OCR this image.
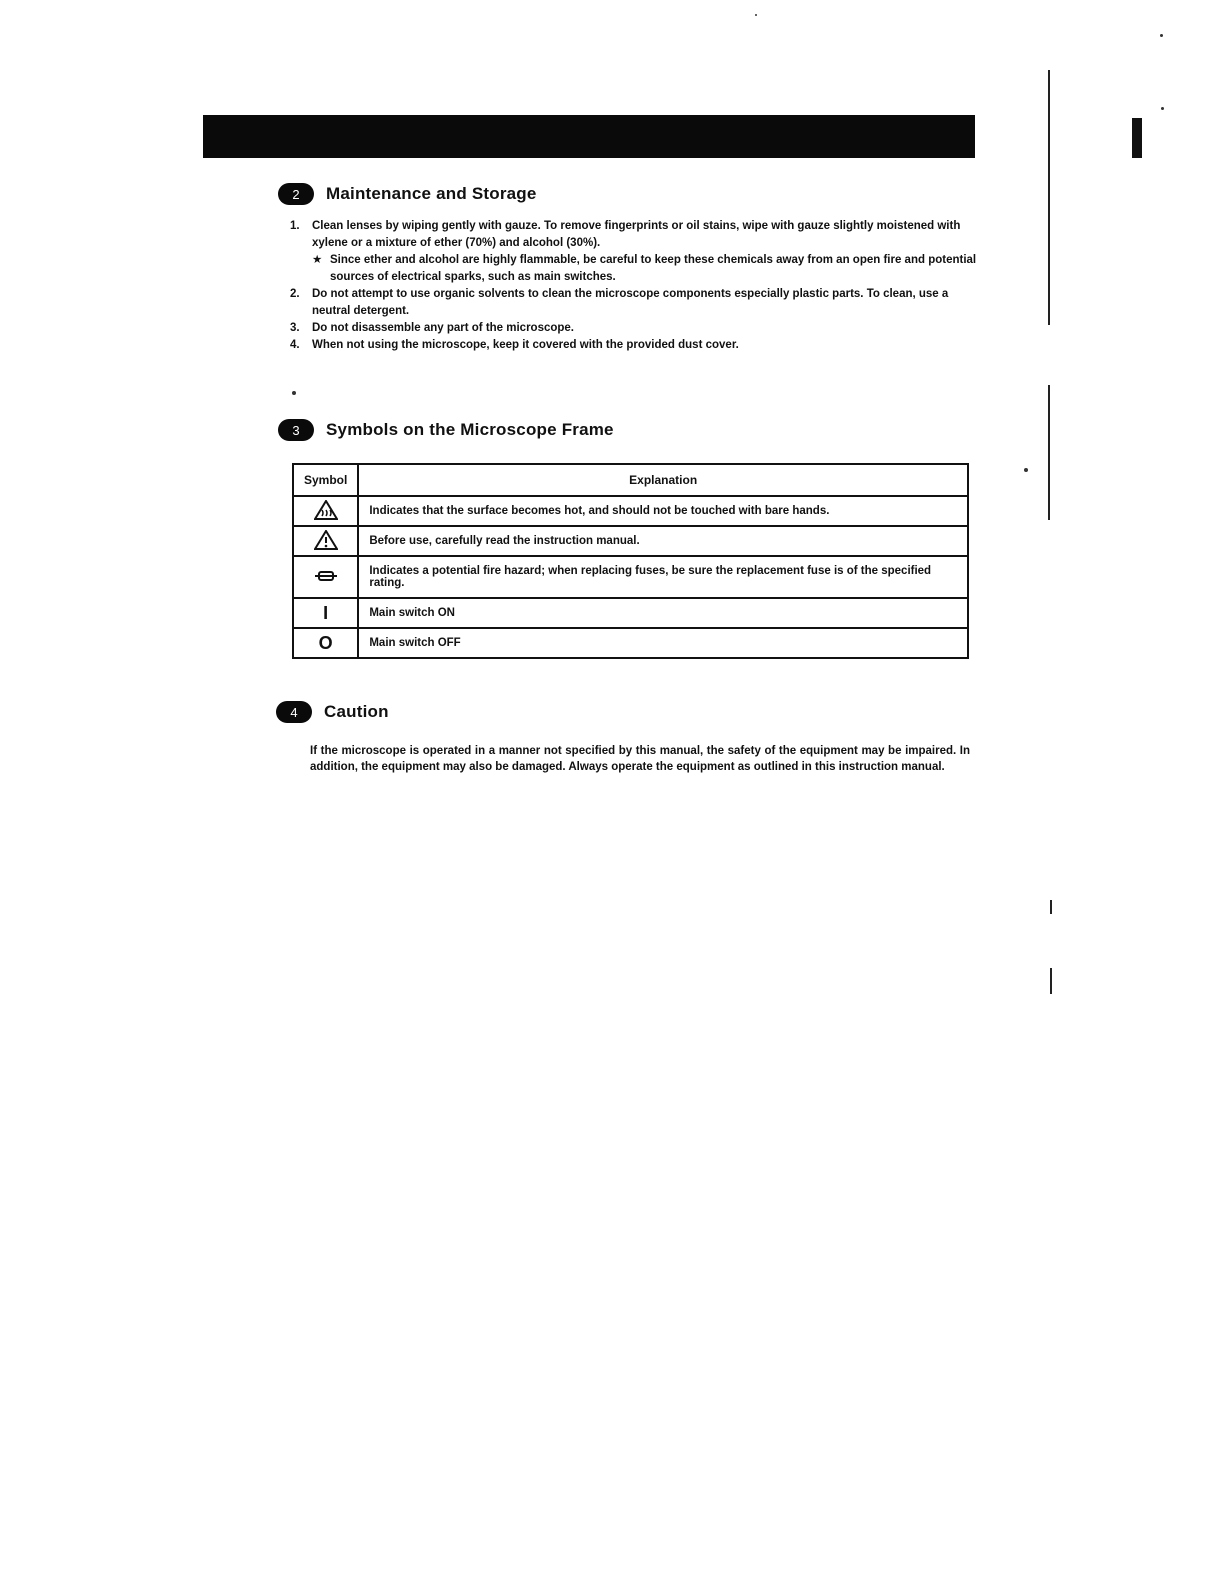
2	Maintenance and Storage
1.	Clean lenses by wiping gently with gauze. To remove fingerprints or oil stains, wipe with gauze slightly moistened with xylene or a mixture of ether (70%) and alcohol (30%).
★ Since ether and alcohol are highly flammable, be careful to keep these chemicals away from an open fire and potential sources of electrical sparks, such as main switches.
2.	Do not attempt to use organic solvents to clean the microscope components especially plastic parts. To clean, use a neutral detergent.
3.	Do not disassemble any part of the microscope.
4.	When not using the microscope, keep it covered with the provided dust cover.
3	Symbols on the Microscope Frame
Symbol	Explanation
	Indicates that the surface becomes hot, and should not be touched with bare hands.
	Before use, carefully read the instruction manual.
	Indicates a potential fire hazard; when replacing fuses, be sure the replacement fuse is of the specified rating.
I	Main switch ON
O	Main switch OFF
4	Caution
If the microscope is operated in a manner not specified by this manual, the safety of the equipment may be impaired. In addition, the equipment may also be damaged. Always operate the equipment as outlined in this instruction manual.
